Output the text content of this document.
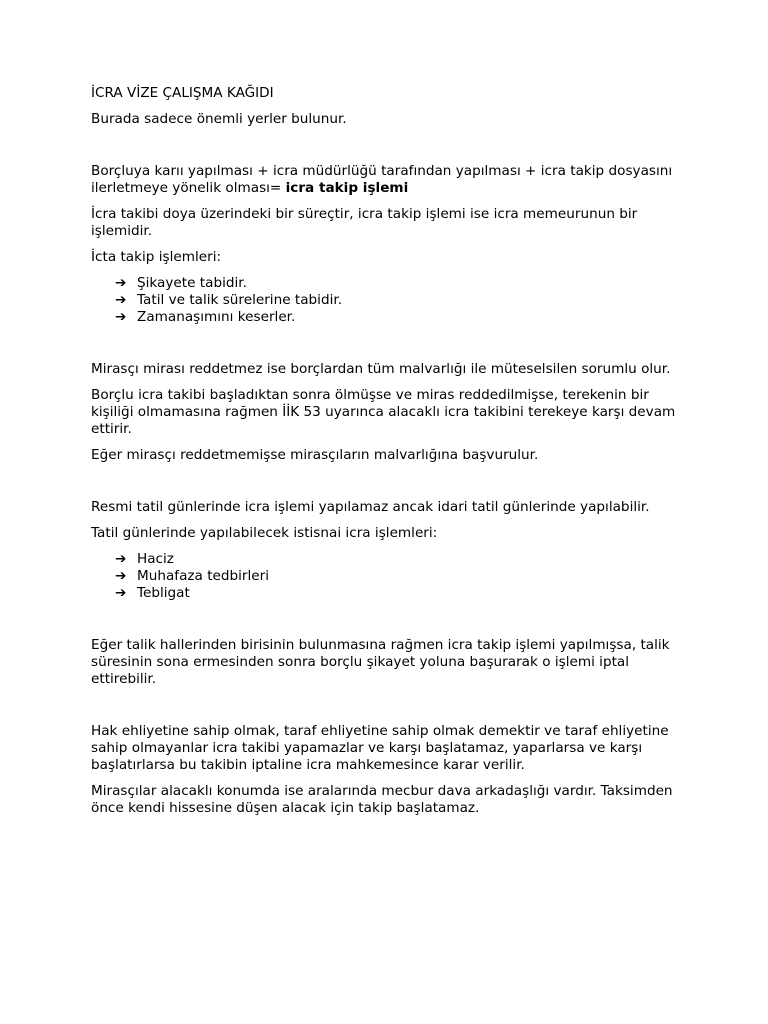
İCRA VİZE ÇALIŞMA KAĞIDI

Burada sadece önemli yerler bulunur.

Borçluya karıı yapılması + icra müdürlüğü tarafından yapılması + icra takip dosyasını ilerletmeye yönelik olması= icra takip işlemi

İcra takibi doya üzerindeki bir süreçtir, icra takip işlemi ise icra memeurunun bir işlemidir.

İcta takip işlemleri:

➔ Şikayete tabidir.
➔ Tatil ve talik sürelerine tabidir.
➔ Zamanaşımını keserler.

Mirasçı mirası reddetmez ise borçlardan tüm malvarlığı ile müteselsilen sorumlu olur.

Borçlu icra takibi başladıktan sonra ölmüşse ve miras reddedilmişse, terekenin bir kişiliği olmamasına rağmen İİK 53 uyarınca alacaklı icra takibini terekeye karşı devam ettirir.

Eğer mirasçı reddetmemişse mirasçıların malvarlığına başvurulur.

Resmi tatil günlerinde icra işlemi yapılamaz ancak idari tatil günlerinde yapılabilir.

Tatil günlerinde yapılabilecek istisnai icra işlemleri:

➔ Haciz
➔ Muhafaza tedbirleri
➔ Tebligat

Eğer talik hallerinden birisinin bulunmasına rağmen icra takip işlemi yapılmışsa, talik süresinin sona ermesinden sonra borçlu şikayet yoluna başurarak o işlemi iptal ettirebilir.

Hak ehliyetine sahip olmak, taraf ehliyetine sahip olmak demektir ve taraf ehliyetine sahip olmayanlar icra takibi yapamazlar ve karşı başlatamaz, yaparlarsa ve karşı başlatırlarsa bu takibin iptaline icra mahkemesince karar verilir.

Mirasçılar alacaklı konumda ise aralarında mecbur dava arkadaşlığı vardır. Taksimden önce kendi hissesine düşen alacak için takip başlatamaz.
